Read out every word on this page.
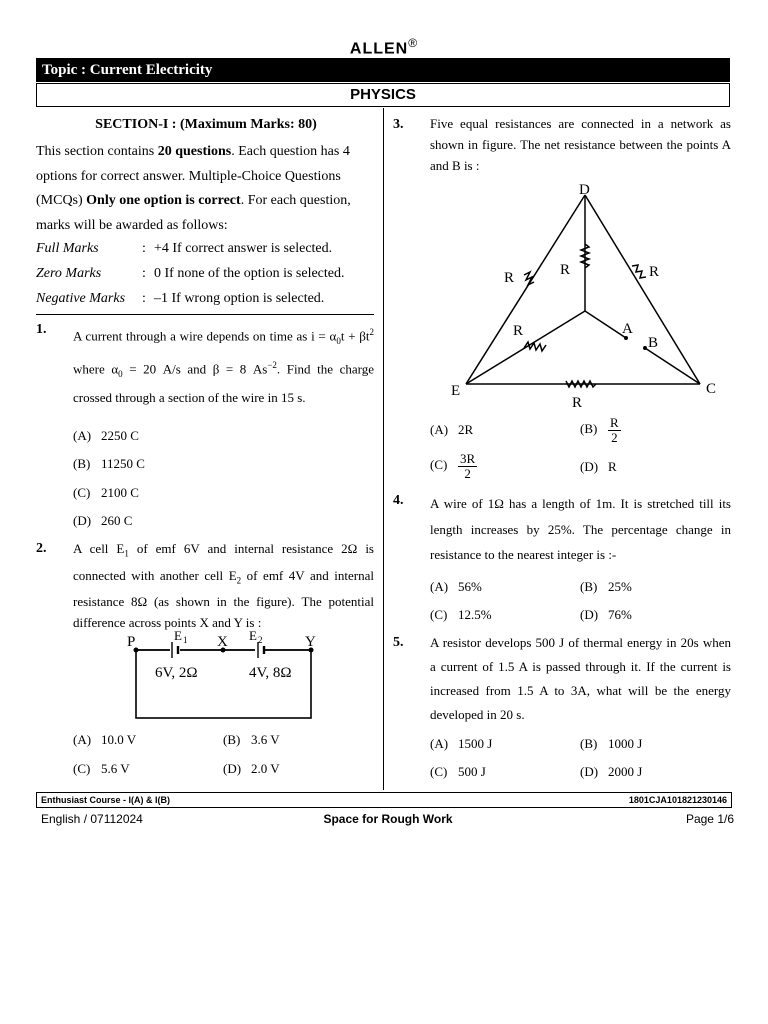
ALLEN®
Topic : Current Electricity
PHYSICS
SECTION-I : (Maximum Marks: 80)
This section contains 20 questions. Each question has 4 options for correct answer. Multiple-Choice Questions (MCQs) Only one option is correct. For each question, marks will be awarded as follows:
Full Marks	: +4 If correct answer is selected.
Zero Marks	: 0 If none of the option is selected.
Negative Marks : –1 If wrong option is selected.
1. A current through a wire depends on time as $i = \alpha_0t + \beta t^2$ where $\alpha_0 = 20$ A/s and β = 8 $As^{-2}$. Find the charge crossed through a section of the wire in 15 s.
(A) 2250 C
(B) 11250 C
(C) 2100 C
(D) 260 C
2. A cell $E_1$ of emf 6V and internal resistance 2Ω is connected with another cell $E_2$ of emf 4V and internal resistance 8Ω (as shown in the figure). The potential difference across points X and Y is :
P	X	Y
E 1	E 2
6V, 2Ω	4V, 8Ω
(A) 10.0 V	(B) 3.6 V
(C) 5.6 V	(D) 2.0 V
3. Five equal resistances are connected in a network as shown in figure. The net resistance between the points A and B is :
D
E	C
A
B
R	R	R
R
R
(A) 2R	$(B) \frac{R}{2}$
$(C) \frac{3R}{2}$	(D) R
4. A wire of 1Ω has a length of 1m. It is stretched till its length increases by 25%. The percentage change in resistance to the nearest integer is :-
(A) 56%	(B) 25%
(C) 12.5%	(D) 76%
5. A resistor develops 500 J of thermal energy in 20s when a current of 1.5 A is passed through it. If the current is increased from 1.5 A to 3A, what will be the energy developed in 20 s.
(A) 1500 J	(B) 1000 J
(C) 500 J	(D) 2000 J
Enthusiast Course - I(A) & I(B)	1801CJA101821230146
English / 07112024	Space for Rough Work	Page 1/6
